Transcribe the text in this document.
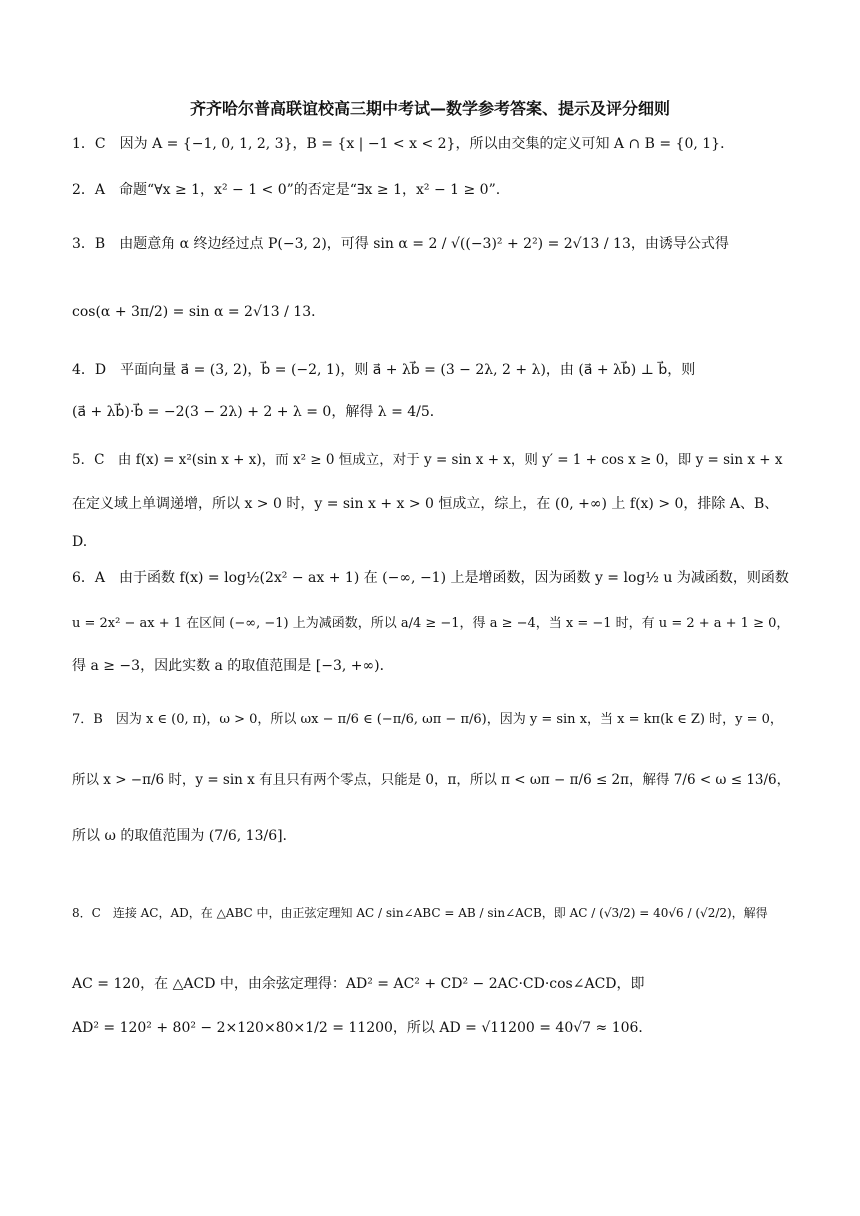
齐齐哈尔普高联谊校高三期中考试—数学参考答案、提示及评分细则
1．C　因为 A = {−1, 0, 1, 2, 3}，B = {x | −1 < x < 2}，所以由交集的定义可知 A ∩ B = {0, 1}．
2．A　命题“∀x ≥ 1，x² − 1 < 0”的否定是“∃x ≥ 1，x² − 1 ≥ 0”.
3．B　由题意角 α 终边经过点 P(−3, 2)，可得 sin α = 2 / √((−3)² + 2²) = 2√13 / 13，由诱导公式得
cos(α + 3π/2) = sin α = 2√13 / 13．
4．D　平面向量 a⃗ = (3, 2)，b⃗ = (−2, 1)，则 a⃗ + λb⃗ = (3 − 2λ, 2 + λ)，由 (a⃗ + λb⃗) ⊥ b⃗，则
(a⃗ + λb⃗)·b⃗ = −2(3 − 2λ) + 2 + λ = 0，解得 λ = 4/5．
5．C　由 f(x) = x²(sin x + x)，而 x² ≥ 0 恒成立，对于 y = sin x + x，则 y′ = 1 + cos x ≥ 0，即 y = sin x + x
在定义域上单调递增，所以 x > 0 时，y = sin x + x > 0 恒成立，综上，在 (0, +∞) 上 f(x) > 0，排除 A、B、
D.
6．A　由于函数 f(x) = log½(2x² − ax + 1) 在 (−∞, −1) 上是增函数，因为函数 y = log½ u 为减函数，则函数
u = 2x² − ax + 1 在区间 (−∞, −1) 上为减函数，所以 a/4 ≥ −1，得 a ≥ −4，当 x = −1 时，有 u = 2 + a + 1 ≥ 0，
得 a ≥ −3，因此实数 a 的取值范围是 [−3, +∞)．
7．B　因为 x ∈ (0, π)，ω > 0，所以 ωx − π/6 ∈ (−π/6, ωπ − π/6)，因为 y = sin x，当 x = kπ(k ∈ Z) 时，y = 0，
所以 x > −π/6 时，y = sin x 有且只有两个零点，只能是 0，π，所以 π < ωπ − π/6 ≤ 2π，解得 7/6 < ω ≤ 13/6，
所以 ω 的取值范围为 (7/6, 13/6].
8．C　连接 AC，AD，在 △ABC 中，由正弦定理知 AC / sin∠ABC = AB / sin∠ACB，即 AC / (√3/2) = 40√6 / (√2/2)，解得
AC = 120，在 △ACD 中，由余弦定理得：AD² = AC² + CD² − 2AC·CD·cos∠ACD，即
AD² = 120² + 80² − 2×120×80×1/2 = 11200，所以 AD = √11200 = 40√7 ≈ 106．
